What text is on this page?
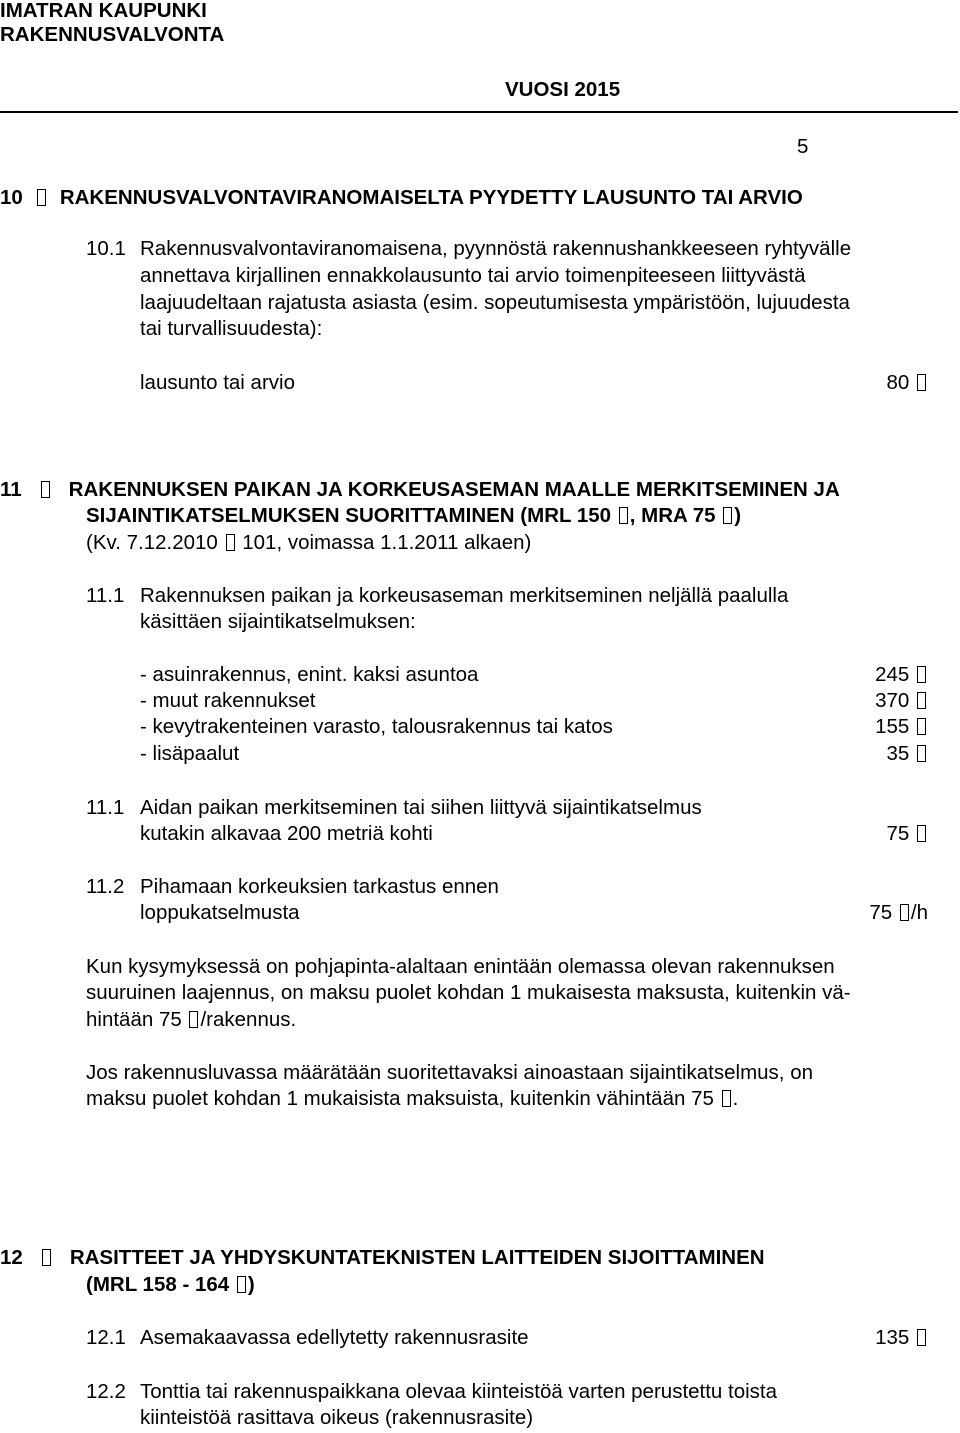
IMATRAN KAUPUNKI
RAKENNUSVALVONTA
VUOSI 2015
5
10 RAKENNUSVALVONTAVIRANOMAISELTA PYYDETTY LAUSUNTO TAI ARVIO
10.1 Rakennusvalvontaviranomaisena, pyynnöstä rakennushankkeeseen ryhtyvälle
annettava kirjallinen ennakkolausunto tai arvio toimenpiteeseen liittyvästä
laajuudeltaan rajatusta asiasta (esim. sopeutumisesta ympäristöön, lujuudesta
tai turvallisuudesta):
lausunto tai arvio	80
11 RAKENNUKSEN PAIKAN JA KORKEUSASEMAN MAALLE MERKITSEMINEN JA
SIJAINTIKATSELMUKSEN SUORITTAMINEN (MRL 150 , MRA 75 )
(Kv. 7.12.2010 101, voimassa 1.1.2011 alkaen)
11.1 Rakennuksen paikan ja korkeusaseman merkitseminen neljällä paalulla
käsittäen sijaintikatselmuksen:
- asuinrakennus, enint. kaksi asuntoa	245
- muut rakennukset	370
- kevytrakenteinen varasto, talousrakennus tai katos	155
- lisäpaalut	35
11.1 Aidan paikan merkitseminen tai siihen liittyvä sijaintikatselmus
kutakin alkavaa 200 metriä kohti	75
11.2 Pihamaan korkeuksien tarkastus ennen
loppukatselmusta	75 /h
Kun kysymyksessä on pohjapinta-alaltaan enintään olemassa olevan rakennuksen
suuruinen laajennus, on maksu puolet kohdan 1 mukaisesta maksusta, kuitenkin vä-
hintään 75 /rakennus.
Jos rakennusluvassa määrätään suoritettavaksi ainoastaan sijaintikatselmus, on
maksu puolet kohdan 1 mukaisista maksuista, kuitenkin vähintään 75 .
12 RASITTEET JA YHDYSKUNTATEKNISTEN LAITTEIDEN SIJOITTAMINEN
(MRL 158 - 164 )
12.1 Asemakaavassa edellytetty rakennusrasite	135
12.2 Tonttia tai rakennuspaikkana olevaa kiinteistöä varten perustettu toista
kiinteistöä rasittava oikeus (rakennusrasite)
